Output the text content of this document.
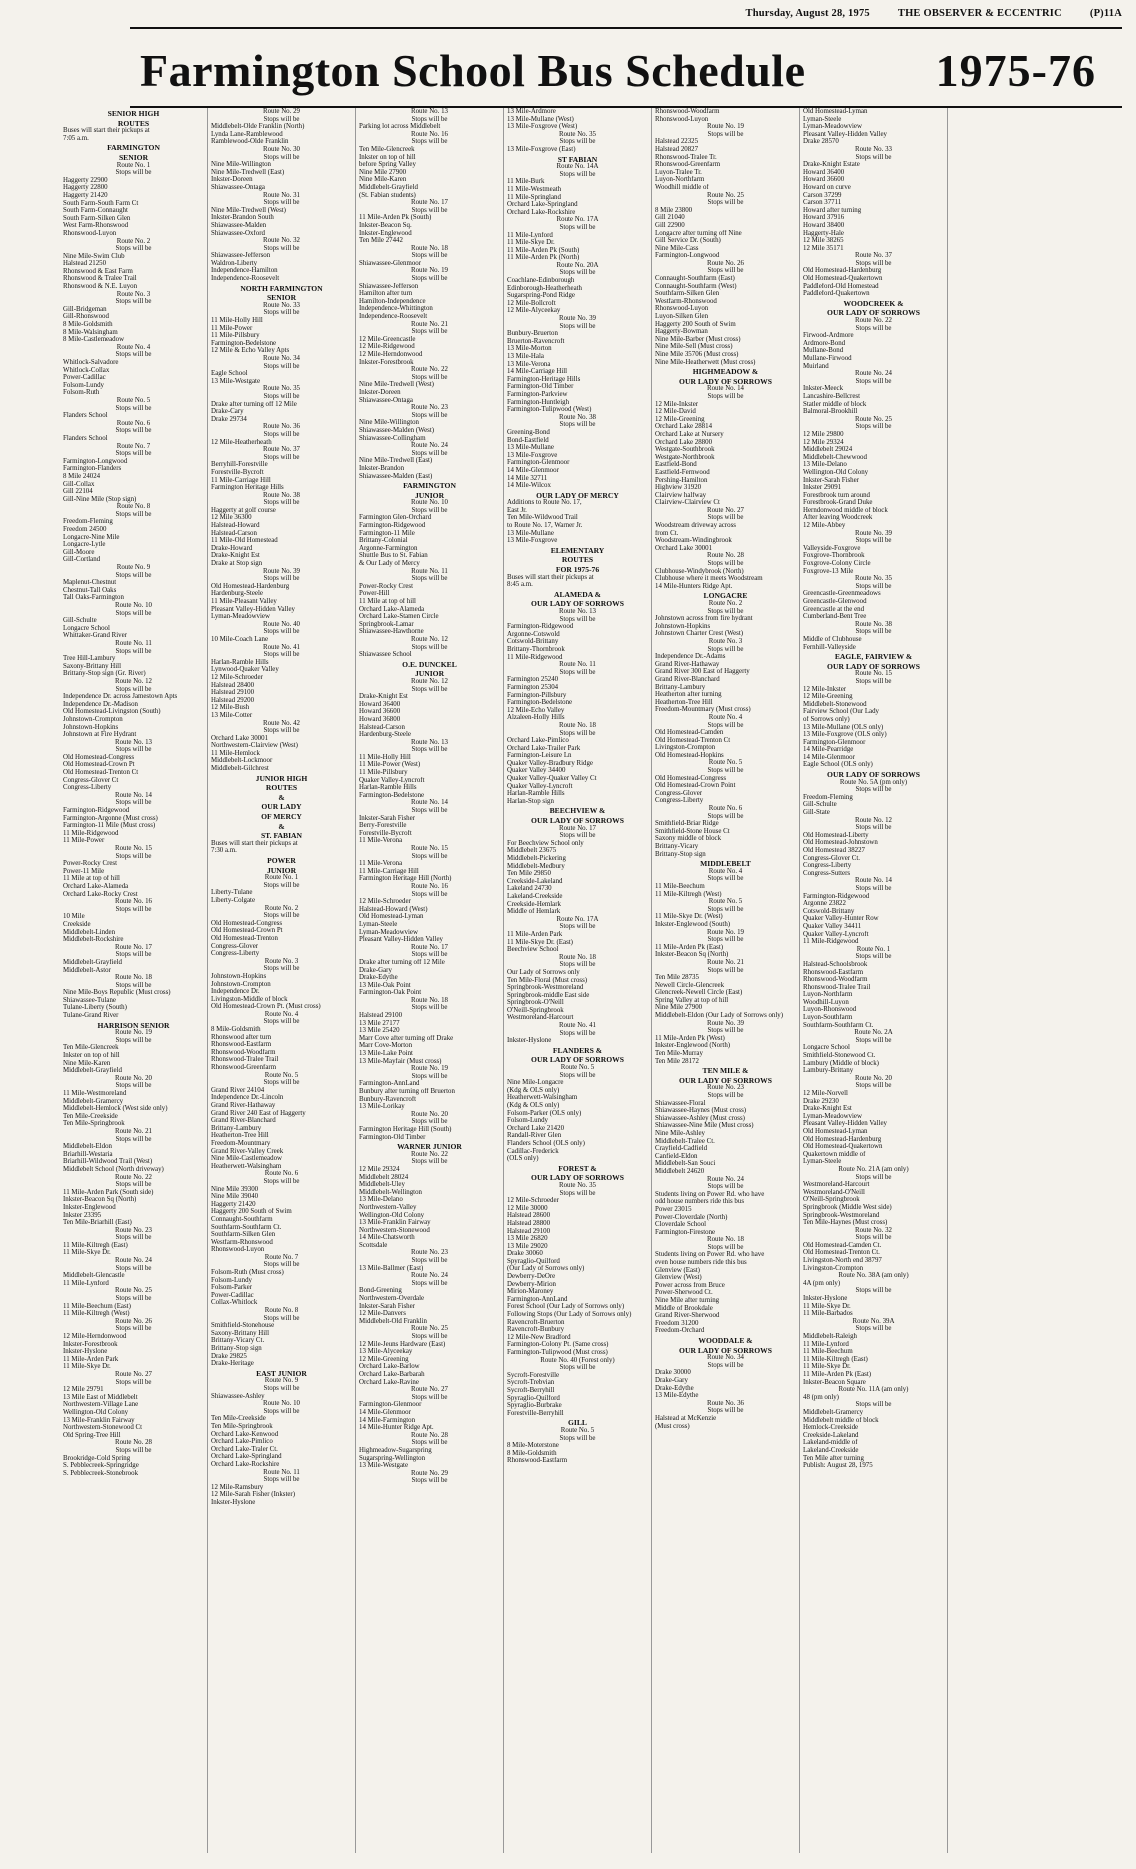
Thursday, August 28, 1975	THE OBSERVER & ECCENTRIC	(P)11A
Farmington School Bus Schedule	1975-76
SENIOR HIGH
ROUTES
Buses will start their pickups at
7:05 a.m.
FARMINGTON
SENIOR
Route No. 1
Stops will be
Haggerty 22900
Haggerty 22800
Haggerty 21420
South Farm-South Farm Ct
South Farm-Connaught
South Farm-Silken Glen
West Farm-Rhonswood
Rhonswood-Luyon
Route No. 2
Stops will be
Nine Mile-Swim Club
Halstead 21250
Rhonswood & East Farm
Rhonswood & Tralee Trail
Rhonswood & N.E. Luyon
Route No. 3
Stops will be
Gill-Bridgeman
Gill-Rhonswood
8 Mile-Goldsmith
8 Mile-Walsingham
8 Mile-Castlemeadow
Route No. 4
Stops will be
Whitlock-Salvadore
Whitlock-Collax
Power-Cadillac
Folsom-Lundy
Folsom-Ruth
Route No. 5
Stops will be
Flanders School
Route No. 6
Stops will be
Flanders School
Route No. 7
Stops will be
Farmington-Longwood
Farmington-Flanders
8 Mile 24024
Gill-Collax
Gill 22104
Gill-Nine Mile (Stop sign)
Route No. 8
Stops will be
Freedom-Fleming
Freedom 24500
Longacre-Nine Mile
Longacre-Lytle
Gill-Moore
Gill-Cortland
Route No. 9
Stops will be
Maplenut-Chestnut
Chestnut-Tall Oaks
Tall Oaks-Farmington
Route No. 10
Stops will be
Gill-Schulte
Longacre School
Whittaker-Grand River
Route No. 11
Stops will be
Tree Hill-Lambury
Saxony-Brittany Hill
Brittany-Stop sign (Gr. River)
Route No. 12
Stops will be
Independence Dr. across Jamestown Apts
Independence Dr.-Madison
Old Homestead-Livingston (South)
Johnstown-Crompton
Johnstown-Hopkins
Johnstown at Fire Hydrant
Route No. 13
Stops will be
Old Homestead-Congress
Old Homestead-Crown Pt
Old Homestead-Trenton Ct
Congress-Glover Ct
Congress-Liberty
Route No. 14
Stops will be
Farmington-Ridgewood
Farmington-Argonne (Must cross)
Farmington-11 Mile (Must cross)
11 Mile-Ridgewood
11 Mile-Power
Route No. 15
Stops will be
Power-Rocky Crest
Power-11 Mile
11 Mile at top of hill
Orchard Lake-Alameda
Orchard Lake-Rocky Crest
Route No. 16
Stops will be
10 Mile
Creekside
Middlebelt-Linden
Middlebelt-Rockshire
Route No. 17
Stops will be
Middlebelt-Grayfield
Middlebelt-Astor
Route No. 18
Stops will be
Nine Mile-Boys Republic (Must cross)
Shiawassee-Tulane
Tulane-Liberty (South)
Tulane-Grand River
HARRISON SENIOR
Route No. 19
Stops will be
Ten Mile-Glencreek
Inkster on top of hill
Nine Mile-Karen
Middlebelt-Grayfield
Route No. 20
Stops will be
11 Mile-Westmoreland
Middlebelt-Gramercy
Middlebelt-Hemlock (West side only)
Ten Mile-Creekside
Ten Mile-Springbrook
Route No. 21
Stops will be
Middlebelt-Eldon
Briarhill-Westaria
Briarhill-Wildwood Trail (West)
Middlebelt School (North driveway)
Route No. 22
Stops will be
11 Mile-Arden Park (South side)
Inkster-Beacon Sq (North)
Inkster-Englewood
Inkster 23395
Ten Mile-Briarhill (East)
Route No. 23
Stops will be
11 Mile-Kiltregh (East)
11 Mile-Skye Dr.
Route No. 24
Stops will be
Middlebelt-Glencastle
11 Mile-Lynford
Route No. 25
Stops will be
11 Mile-Beechum (East)
11 Mile-Kiltregh (West)
Route No. 26
Stops will be
12 Mile-Herndonwood
Inkster-Forestbrook
Inkster-Hyslone
11 Mile-Arden Park
11 Mile-Skye Dr.
Route No. 27
Stops will be
12 Mile 29791
13 Mile East of Middlebelt
Northwestern-Village Lane
Wellington-Old Colony
13 Mile-Franklin Fairway
Northwestern-Stonewood Ct
Old Spring-Tree Hill
Route No. 28
Stops will be
Brookridge-Cold Spring
S. Pebblecreek-Springridge
S. Pebblecreek-Stonebrook
Route No. 29
Stops will be
Middlebelt-Olde Franklin (North)
Lynda Lane-Ramblewood
Ramblewood-Olde Franklin
Route No. 30
Stops will be
Nine Mile-Willington
Nine Mile-Tredwell (East)
Inkster-Doreen
Shiawassee-Ontaga
Route No. 31
Stops will be
Nine Mile-Tredwell (West)
Inkster-Brandon South
Shiawassee-Malden
Shiawassee-Oxford
Route No. 32
Stops will be
Shiawassee-Jefferson
Waldron-Liberty
Independence-Hamilton
Independence-Roosevelt
NORTH FARMINGTON
SENIOR
Route No. 33
Stops will be
11 Mile-Holly Hill
11 Mile-Power
11 Mile-Pillsbury
Farmington-Bedelstone
12 Mile & Echo Valley Apts
Route No. 34
Stops will be
Eagle School
13 Mile-Westgate
Route No. 35
Stops will be
Drake after turning off 12 Mile
Drake-Cary
Drake 29734
Route No. 36
Stops will be
12 Mile-Heatherheath
Route No. 37
Stops will be
Berryhill-Forestville
Forestville-Bycroft
11 Mile-Carriage Hill
Farmington Heritage Hills
Route No. 38
Stops will be
Haggerty at golf course
12 Mile 36300
Halstead-Howard
Halstead-Carson
11 Mile-Old Homestead
Drake-Howard
Drake-Knight Est
Drake at Stop sign
Route No. 39
Stops will be
Old Homestead-Hardenburg
Hardenburg-Steele
11 Mile-Pleasant Valley
Pleasant Valley-Hidden Valley
Lyman-Meadowview
Route No. 40
Stops will be
10 Mile-Coach Lane
Route No. 41
Stops will be
Harlan-Ramble Hills
Lynwood-Quaker Valley
12 Mile-Schroeder
Halstead 28400
Halstead 29100
Halstead 29200
12 Mile-Bush
13 Mile-Cotter
Route No. 42
Stops will be
Orchard Lake 30001
Northwestern-Clairview (West)
11 Mile-Hemlock
Middlebelt-Lockmoor
Middlebelt-Gilchrest
JUNIOR HIGH
ROUTES
&
OUR LADY
OF MERCY
&
ST. FABIAN
Buses will start their pickups at
7:30 a.m.
POWER
JUNIOR
Route No. 1
Stops will be
Liberty-Tulane
Liberty-Colgate
Route No. 2
Stops will be
Old Homestead-Congress
Old Homestead-Crown Pt
Old Homestead-Trenton
Congress-Glover
Congress-Liberty
Route No. 3
Stops will be
Johnstown-Hopkins
Johnstown-Crompton
Independence Dr.
Livingston-Middle of block
Old Homestead-Crown Pt. (Must cross)
Route No. 4
Stops will be
8 Mile-Goldsmith
Rhonswood after turn
Rhonswood-Eastfarm
Rhonswood-Woodfarm
Rhonswood-Tralee Trail
Rhonswood-Greenfarm
Route No. 5
Stops will be
Grand River 24104
Independence Dr.-Lincoln
Grand River-Hathaway
Grand River 240 East of Haggerty
Grand River-Blanchard
Brittany-Lambury
Heatherton-Tree Hill
Freedom-Mountmary
Grand River-Valley Creek
Nine Mile-Castlemeadow
Heatherwett-Walsingham
Route No. 6
Stops will be
Nine Mile 39300
Nine Mile 39040
Haggerty 21420
Haggerty 200 South of Swim
Connaught-Southfarm
Southfarm-Southfarm Ct.
Southfarm-Silken Glen
Westfarm-Rhonswood
Rhonswood-Luyon
Route No. 7
Stops will be
Folsom-Ruth (Must cross)
Folsom-Lundy
Folsom-Parker
Power-Cadillac
Collax-Whitlock
Route No. 8
Stops will be
Smithfield-Stonehouse
Saxony-Brittany Hill
Brittany-Vicary Ct.
Brittany-Stop sign
Drake 29825
Drake-Heritage
EAST JUNIOR
Route No. 9
Stops will be
Shiawassee-Ashley
Route No. 10
Stops will be
Ten Mile-Creekside
Ten Mile-Springbrook
Orchard Lake-Kenwood
Orchard Lake-Pimlico
Orchard Lake-Traler Ct.
Orchard Lake-Springland
Orchard Lake-Rockshire
Route No. 11
Stops will be
12 Mile-Ramsbury
12 Mile-Sarah Fisher (Inkster)
Inkster-Hyslone
Route No. 13
Stops will be
Parking lot across Middlebelt
Route No. 16
Stops will be
Ten Mile-Glencreek
Inkster on top of hill
before Spring Valley
Nine Mile 27900
Nine Mile-Karen
Middlebelt-Grayfield
(St. Fabian students)
Route No. 17
Stops will be
11 Mile-Arden Pk (South)
Inkster-Beacon Sq.
Inkster-Englewood
Ten Mile 27442
Route No. 18
Stops will be
Shiawassee-Glenmoor
Route No. 19
Stops will be
Shiawassee-Jefferson
Hamilton after turn
Hamilton-Independence
Independence-Whittington
Independence-Roosevelt
Route No. 21
Stops will be
12 Mile-Greencastle
12 Mile-Ridgewood
12 Mile-Herndonwood
Inkster-Forestbrook
Route No. 22
Stops will be
Nine Mile-Tredwell (West)
Inkster-Doreen
Shiawassee-Ontaga
Route No. 23
Stops will be
Nine Mile-Willington
Shiawassee-Malden (West)
Shiawassee-Collingham
Route No. 24
Stops will be
Nine Mile-Tredwell (East)
Inkster-Brandon
Shiawassee-Malden (East)
FARMINGTON
JUNIOR
Route No. 10
Stops will be
Farmington Glen-Orchard
Farmington-Ridgewood
Farmington-11 Mile
Brittany-Colonial
Argonne-Farmington
Shuttle Bus to St. Fabian
& Our Lady of Mercy
Route No. 11
Stops will be
Power-Rocky Crest
Power-Hill
11 Mile at top of hill
Orchard Lake-Alameda
Orchard Lake-Stamen Circle
Springbrook-Lamar
Shiawassee-Hawthorne
Route No. 12
Stops will be
Shiawassee School
O.E. DUNCKEL
JUNIOR
Route No. 12
Stops will be
Drake-Knight Est
Howard 36400
Howard 36600
Howard 36800
Halstead-Carson
Hardenburg-Steele
Route No. 13
Stops will be
11 Mile-Holly Hill
11 Mile-Power (West)
11 Mile-Pillsbury
Quaker Valley-Lyncroft
Harlan-Ramble Hills
Farmington-Bedelstone
Route No. 14
Stops will be
Inkster-Sarah Fisher
Berry-Forestville
Forestville-Bycroft
11 Mile-Verona
Route No. 15
Stops will be
11 Mile-Verona
11 Mile-Carriage Hill
Farmington Heritage Hill (North)
Route No. 16
Stops will be
12 Mile-Schroeder
Halstead-Howard (West)
Old Homestead-Lyman
Lyman-Steele
Lyman-Meadowview
Pleasant Valley-Hidden Valley
Route No. 17
Stops will be
Drake after turning off 12 Mile
Drake-Gary
Drake-Edythe
13 Mile-Oak Point
Farmington-Oak Point
Route No. 18
Stops will be
Halstead 29100
13 Mile 27177
13 Mile 25420
Marr Cove after turning off Drake
Marr Cove-Morton
13 Mile-Lake Point
13 Mile-Mayfair (Must cross)
Route No. 19
Stops will be
Farmington-AnnLand
Bunbury after turning off Bruerton
Bunbury-Ravencroft
13 Mile-Lorikay
Route No. 20
Stops will be
Farmington Heritage Hill (South)
Farmington-Old Timber
WARNER JUNIOR
Route No. 22
Stops will be
12 Mile 29324
Middlebelt 28024
Middlebelt-Uley
Middlebelt-Wellington
13 Mile-Delano
Northwestern-Valley
Wellington-Old Colony
13 Mile-Franklin Fairway
Northwestern-Stonewood
14 Mile-Chatsworth
Scottsdale
Route No. 23
Stops will be
13 Mile-Ballmer (East)
Route No. 24
Stops will be
Bond-Greening
Northwestern-Overdale
Inkster-Sarah Fisher
12 Mile-Danvers
Middlebelt-Old Franklin
Route No. 25
Stops will be
12 Mile-Jeuns Hardware (East)
13 Mile-Alyceekay
12 Mile-Greening
Orchard Lake-Barlow
Orchard Lake-Barbarah
Orchard Lake-Ravine
Route No. 27
Stops will be
Farmington-Glenmoor
14 Mile-Glenmoor
14 Mile-Farmington
14 Mile-Hunter Ridge Apt.
Route No. 28
Stops will be
Highmeadow-Sugarspring
Sugarspring-Wellington
13 Mile-Westgate
Route No. 29
Stops will be
13 Mile-Ardmore
13 Mile-Mullane (West)
13 Mile-Foxgrove (West)
Route No. 35
Stops will be
13 Mile-Foxgrove (East)
ST FABIAN
Route No. 14A
Stops will be
11 Mile-Burk
11 Mile-Westmeath
11 Mile-Springland
Orchard Lake-Springland
Orchard Lake-Rockshire
Route No. 17A
Stops will be
11 Mile-Lynford
11 Mile-Skye Dr.
11 Mile-Arden Pk (South)
11 Mile-Arden Pk (North)
Route No. 20A
Stops will be
Coachlane-Edinborough
Edinborough-Heatherheath
Sugarspring-Pond Ridge
12 Mile-Bollcroft
12 Mile-Alyceekay
Route No. 39
Stops will be
Bunbury-Bruerton
Bruerton-Ravencroft
13 Mile-Morton
13 Mile-Hala
13 Mile-Verona
14 Mile-Carriage Hill
Farmington-Heritage Hills
Farmington-Old Timber
Farmington-Parkview
Farmington-Huntleigh
Farmington-Tulipwood (West)
Route No. 38
Stops will be
Greening-Bond
Bond-Eastfield
13 Mile-Mullane
13 Mile-Foxgrove
Farmington-Glenmoor
14 Mile-Glenmoor
14 Mile 32711
14 Mile-Wilcox
OUR LADY OF MERCY
Additions to Route No. 17,
East Jr.
Ten Mile-Wildwood Trail
to Route No. 17, Warner Jr.
13 Mile-Mullane
13 Mile-Foxgrove
ELEMENTARY
ROUTES
FOR 1975-76
Buses will start their pickups at
8:45 a.m.
ALAMEDA &
OUR LADY OF SORROWS
Route No. 13
Stops will be
Farmington-Ridgewood
Argonne-Cotswold
Cotswold-Brittany
Brittany-Thornbrook
11 Mile-Ridgewood
Route No. 11
Stops will be
Farmington 25240
Farmington 25304
Farmington-Pillsbury
Farmington-Bedelstone
12 Mile-Echo Valley
Alzaleen-Holly Hills
Route No. 18
Stops will be
Orchard Lake-Pimlico
Orchard Lake-Trailer Park
Farmington-Leisure Ln
Quaker Valley-Bradbury Ridge
Quaker Valley 34400
Quaker Valley-Quaker Valley Ct
Quaker Valley-Lyncroft
Harlan-Ramble Hills
Harlan-Stop sign
BEECHVIEW &
OUR LADY OF SORROWS
Route No. 17
Stops will be
For Beechview School only
Middlebelt 23675
Middlebelt-Pickering
Middlebelt-Medbury
Ten Mile 29850
Creekside-Lakeland
Lakeland 24730
Lakeland-Creekside
Creekside-Hemlark
Middle of Hemlark
Route No. 17A
Stops will be
11 Mile-Arden Park
11 Mile-Skye Dr. (East)
Beechview School
Route No. 18
Stops will be
Our Lady of Sorrows only
Ten Mile-Floral (Must cross)
Springbrook-Westmoreland
Springbrook-middle East side
Springbrook-O'Neill
O'Neill-Springbrook
Westmoreland-Harcourt
Route No. 41
Stops will be
Inkster-Hyslone
FLANDERS &
OUR LADY OF SORROWS
Route No. 5
Stops will be
Nine Mile-Longacre
(Kdg & OLS only)
Heatherwett-Walsingham
(Kdg & OLS only)
Folsom-Parker (OLS only)
Folsom-Lundy
Orchard Lake 21420
Randall-River Glen
Flanders School (OLS only)
Cadillac-Frederick
(OLS only)
FOREST &
OUR LADY OF SORROWS
Route No. 35
Stops will be
12 Mile-Schroeder
12 Mile 30000
Halstead 28600
Halstead 28800
Halstead 29100
13 Mile 26820
13 Mile 29020
Drake 30060
Spyraglio-Quilford
(Our Lady of Sorrows only)
Dewberry-DeOre
Dewberry-Mirion
Mirion-Maroney
Farmington-AnnLand
Forest School (Our Lady of Sorrows only)
Following Stops (Our Lady of Sorrows only)
Ravencroft-Bruerton
Ravencroft-Bunbury
12 Mile-New Bradford
Farmington-Colony Pt. (Same cross)
Farmington-Tulipwood (Must cross)
Route No. 40 (Forest only)
Stops will be
Sycroft-Forestville
Sycroft-Trebvian
Sycroft-Berryhill
Spyraglio-Quilford
Spyraglio-Burbrake
Forestville-Berryhill
GILL
Route No. 5
Stops will be
8 Mile-Moterstone
8 Mile-Goldsmith
Rhonswood-Eastfarm
Rhonswood-Woodfarm
Rhonswood-Luyon
Route No. 19
Stops will be
Halstead 22325
Halstead 20827
Rhonswood-Tralee Tr.
Rhonswood-Greenfarm
Luyon-Tralee Tr.
Luyon-Northfarm
Woodhill middle of
Route No. 25
Stops will be
8 Mile 23800
Gill 21040
Gill 22900
Longacre after turning off Nine
Gill Service Dr. (South)
Nine Mile-Cass
Farmington-Longwood
Route No. 26
Stops will be
Connaught-Southfarm (East)
Connaught-Southfarm (West)
Southfarm-Silken Glen
Westfarm-Rhonswood
Rhonswood-Luyon
Luyon-Silken Glen
Haggerty 200 South of Swim
Haggerty-Bowman
Nine Mile-Barber (Must cross)
Nine Mile-Sell (Must cross)
Nine Mile 35706 (Must cross)
Nine Mile-Heatherwett (Must cross)
HIGHMEADOW &
OUR LADY OF SORROWS
Route No. 14
Stops will be
12 Mile-Inkster
12 Mile-David
12 Mile-Greening
Orchard Lake 28814
Orchard Lake at Nursery
Orchard Lake 28800
Westgate-Southbrook
Westgate-Northbrook
Eastfield-Bond
Eastfield-Fernwood
Pershing-Hamilton
Highview 31920
Clairview halfway
Clairview-Clairview Ct
Route No. 27
Stops will be
Woodstream driveway across
from Ct.
Woodstream-Windingbrook
Orchard Lake 30001
Route No. 28
Stops will be
Clubhouse-Windybrook (North)
Clubhouse where it meets Woodstream
14 Mile-Hunters Ridge Apt.
LONGACRE
Route No. 2
Stops will be
Johnstown across from fire hydrant
Johnstown-Hopkins
Johnstown Charter Crest (West)
Route No. 3
Stops will be
Independence Dr.-Adams
Grand River-Hathaway
Grand River 300 East of Haggerty
Grand River-Blanchard
Brittany-Lambury
Heatherton after turning
Heatherton-Tree Hill
Freedom-Mountmary (Must cross)
Route No. 4
Stops will be
Old Homestead-Camden
Old Homestead-Trenton Ct
Livingston-Crompton
Old Homestead-Hopkins
Route No. 5
Stops will be
Old Homestead-Congress
Old Homestead-Crown Point
Congress-Glover
Congress-Liberty
Route No. 6
Stops will be
Smithfield-Briar Ridge
Smithfield-Stone House Ct
Saxony middle of block
Brittany-Vicary
Brittany-Stop sign
MIDDLEBELT
Route No. 4
Stops will be
11 Mile-Beechum
11 Mile-Kiltregh (West)
Route No. 5
Stops will be
11 Mile-Skye Dr. (West)
Inkster-Englewood (South)
Route No. 19
Stops will be
11 Mile-Arden Pk (East)
Inkster-Beacon Sq (North)
Route No. 21
Stops will be
Ten Mile 28735
Newell Circle-Glencreek
Glencreek-Newell Circle (East)
Spring Valley at top of hill
Nine Mile 27900
Middlebelt-Eldon (Our Lady of Sorrows only)
Route No. 39
Stops will be
11 Mile-Arden Pk (West)
Inkster-Englewood (North)
Ten Mile-Murray
Ten Mile 28172
TEN MILE &
OUR LADY OF SORROWS
Route No. 23
Stops will be
Shiawassee-Floral
Shiawassee-Haynes (Must cross)
Shiawassee-Ashley (Must cross)
Shiawassee-Nine Mile (Must cross)
Nine Mile-Ashley
Middlebelt-Tralee Ct.
Crayfield-Cadfield
Canfield-Eldon
Middlebelt-San Souci
Middlebelt 24620
Route No. 24
Stops will be
Students living on Power Rd. who have
odd house numbers ride this bus
Power 23015
Power-Cloverdale (North)
Cloverdale School
Farmington-Firestone
Route No. 18
Stops will be
Students living on Power Rd. who have
even house numbers ride this bus
Glenview (East)
Glenview (West)
Power across from Bruce
Power-Sherwood Ct.
Nine Mile after turning
Middle of Brookdale
Grand River-Sherwood
Freedom 31200
Freedom-Orchard
WOODDALE &
OUR LADY OF SORROWS
Route No. 34
Stops will be
Drake 30000
Drake-Gary
Drake-Edythe
13 Mile-Edythe
Route No. 36
Stops will be
Halstead at McKenzie
(Must cross)
Old Homestead-Lyman
Lyman-Steele
Lyman-Meadowview
Pleasant Valley-Hidden Valley
Drake 28570
Route No. 33
Stops will be
Drake-Knight Estate
Howard 36400
Howard 36600
Howard on curve
Carson 37299
Carson 37711
Howard after turning
Howard 37916
Howard 38400
Haggerty-Hale
12 Mile 38265
12 Mile 35171
Route No. 37
Stops will be
Old Homestead-Hardenburg
Old Homestead-Quakertown
Paddleford-Old Homestead
Paddleford-Quakertown
WOODCREEK &
OUR LADY OF SORROWS
Route No. 22
Stops will be
Firwood-Ardmore
Ardmore-Bond
Mullane-Bond
Mullane-Firwood
Muirland
Route No. 24
Stops will be
Inkster-Meeck
Lancashire-Bellcrest
Statler middle of block
Balmoral-Brookhill
Route No. 25
Stops will be
12 Mile 29800
12 Mile 29324
Middlebelt 29024
Middlebelt-Chewwood
13 Mile-Delano
Wellington-Old Colony
Inkster-Sarah Fisher
Inkster 29091
Forestbrook turn around
Forestbrook-Grand Duke
Herndonwood middle of block
After leaving Woodcreek
12 Mile-Abbey
Route No. 39
Stops will be
Valleyside-Foxgrove
Foxgrove-Thornbrook
Foxgrove-Colony Circle
Foxgrove-13 Mile
Route No. 35
Stops will be
Greencastle-Greenmeadows
Greencastle-Glenwood
Greencastle at the end
Cumberland-Bent Tree
Route No. 38
Stops will be
Middle of Clubhouse
Fernhill-Valleyside
EAGLE, FAIRVIEW &
OUR LADY OF SORROWS
Route No. 15
Stops will be
12 Mile-Inkster
12 Mile-Greening
Middlebelt-Stonewood
Fairview School (Our Lady
of Sorrows only)
13 Mile-Mullane (OLS only)
13 Mile-Foxgrove (OLS only)
Farmington-Glenmoor
14 Mile-Pearridge
14 Mile-Glenmoor
Eagle School (OLS only)
OUR LADY OF SORROWS
Route No. 5A (pm only)
Stops will be
Freedom-Fleming
Gill-Schulte
Gill-State
Route No. 12
Stops will be
Old Homestead-Liberty
Old Homestead-Johnstown
Old Homestead 38227
Congress-Glover Ct.
Congress-Liberty
Congress-Sutters
Route No. 14
Stops will be
Farmington-Ridgewood
Argonne 23822
Cotswold-Brittany
Quaker Valley-Hunter Row
Quaker Valley 34411
Quaker Valley-Lyncroft
11 Mile-Ridgewood
Route No. 1
Stops will be
Halstead-Schoolsbrook
Rhonswood-Eastfarm
Rhonswood-Woodfarm
Rhonswood-Tralee Trail
Luyon-Northfarm
Woodhill-Luyon
Luyon-Rhonswood
Luyon-Southfarm
Southfarm-Southfarm Ct.
Route No. 2A
Stops will be
Longacre School
Smithfield-Stonewood Ct.
Lambury (Middle of block)
Lambury-Brittany
Route No. 20
Stops will be
12 Mile-Norvell
Drake 29230
Drake-Knight Est
Lyman-Meadowview
Pleasant Valley-Hidden Valley
Old Homestead-Lyman
Old Homestead-Hardenburg
Old Homestead-Quakertown
Quakertown middle of
Lyman-Steele
Route No. 21A (am only)
Stops will be
Westmoreland-Harcourt
Westmoreland-O'Neill
O'Neill-Springbrook
Springbrook (Middle West side)
Springbrook-Westmoreland
Ten Mile-Haynes (Must cross)
Route No. 32
Stops will be
Old Homestead-Camden Ct.
Old Homestead-Trenton Ct.
Livingston-North end 38797
Livingston-Crompton
Route No. 38A (am only)
4A (pm only)
Stops will be
Inkster-Hyslone
11 Mile-Skye Dr.
11 Mile-Barbados
Route No. 39A
Stops will be
Middlebelt-Raleigh
11 Mile-Lynford
11 Mile-Beechum
11 Mile-Kiltregh (East)
11 Mile-Skye Dr.
11 Mile-Arden Pk (East)
Inkster-Beacon Square
Route No. 11A (am only)
48 (pm only)
Stops will be
Middlebelt-Gramercy
Middlebelt middle of block
Hemlock-Creekside
Creekside-Lakeland
Lakeland-middle of
Lakeland-Creekside
Ten Mile after turning
Publish: August 28, 1975
